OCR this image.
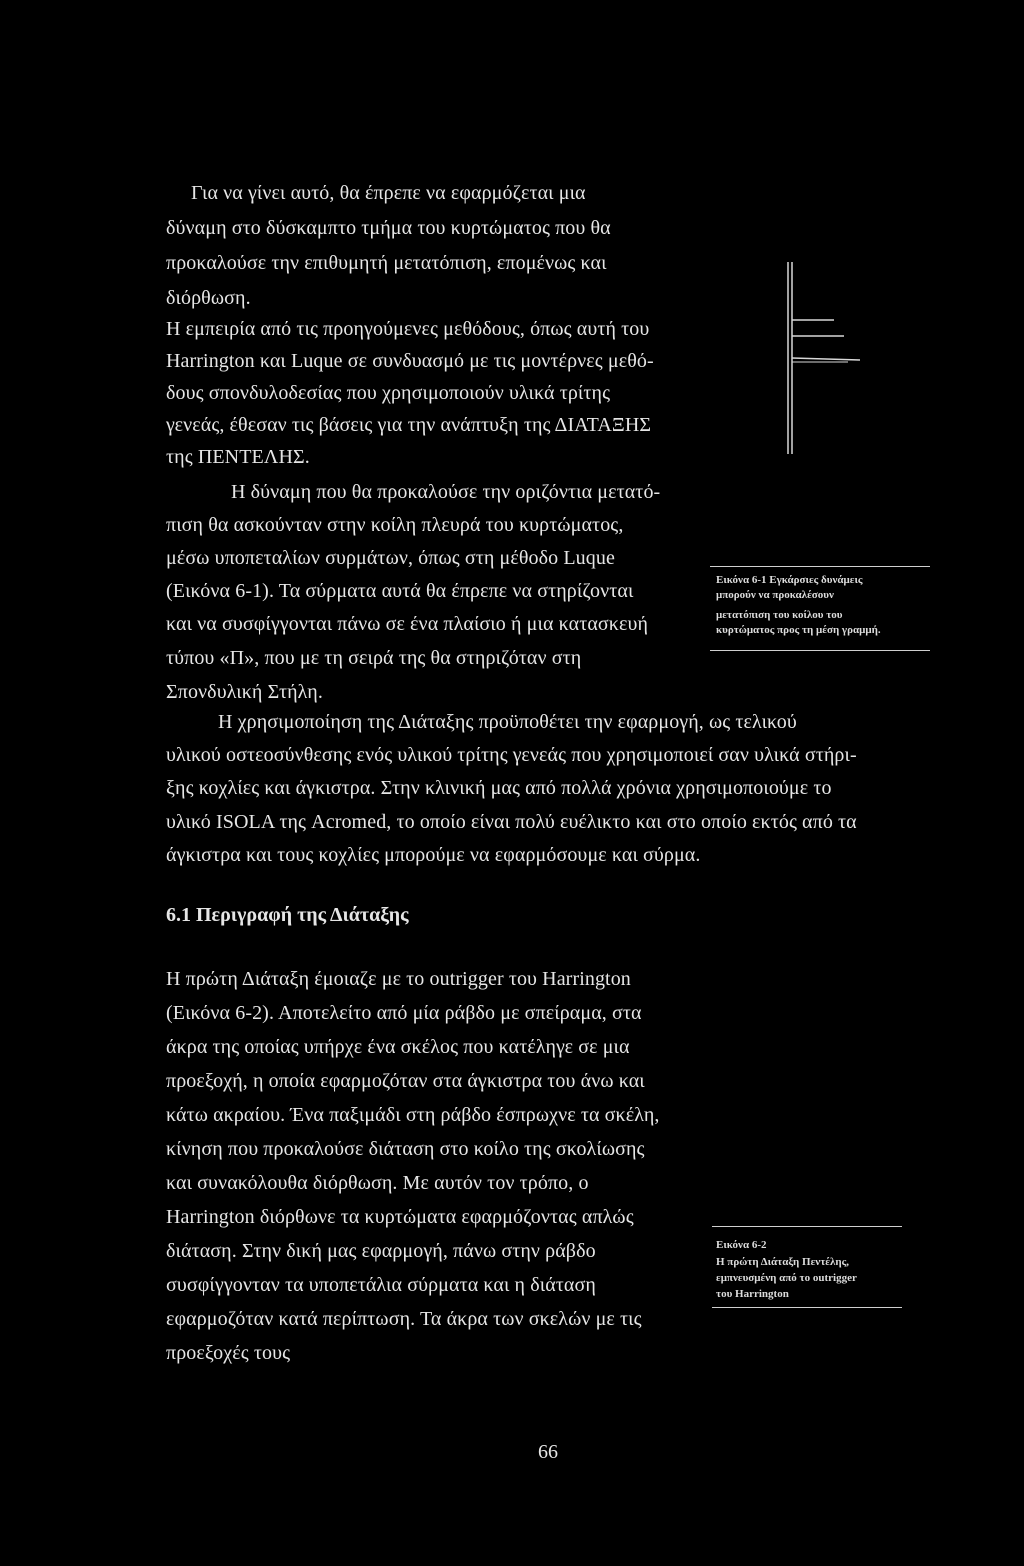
Για να γίνει αυτό, θα έπρεπε να εφαρμόζεται μια
δύναμη στο δύσκαμπτο τμήμα του κυρτώματος που θα
προκαλούσε την επιθυμητή μετατόπιση, επομένως και
διόρθωση.
Η εμπειρία από τις προηγούμενες μεθόδους, όπως αυτή του
Harrington και Luque σε συνδυασμό με τις μοντέρνες μεθό-
δους σπονδυλοδεσίας που χρησιμοποιούν υλικά τρίτης
γενεάς, έθεσαν τις βάσεις για την ανάπτυξη της ΔΙΑΤΑΞΗΣ
της ΠΕΝΤΕΛΗΣ.
Η δύναμη που θα προκαλούσε την οριζόντια μετατό-
πιση θα ασκούνταν στην κοίλη πλευρά του κυρτώματος,
μέσω υποπεταλίων συρμάτων, όπως στη μέθοδο Luque
(Εικόνα 6-1). Τα σύρματα αυτά θα έπρεπε να στηρίζονται
και να συσφίγγονται πάνω σε ένα πλαίσιο ή μια κατασκευή
τύπου «Π», που με τη σειρά της θα στηριζόταν στη
Σπονδυλική Στήλη.
Εικόνα 6-1 Εγκάρσιες δυνάμεις
μπορούν να προκαλέσουν
μετατόπιση του κοίλου του
κυρτώματος προς τη μέση γραμμή.
Η χρησιμοποίηση της Διάταξης προϋποθέτει την εφαρμογή, ως τελικού
υλικού οστεοσύνθεσης ενός υλικού τρίτης γενεάς που χρησιμοποιεί σαν υλικά στήρι-
ξης κοχλίες και άγκιστρα. Στην κλινική μας από πολλά χρόνια χρησιμοποιούμε το
υλικό ISOLA της Acromed, το οποίο είναι πολύ ευέλικτο και στο οποίο εκτός από τα
άγκιστρα και τους κοχλίες μπορούμε να εφαρμόσουμε και σύρμα.
6.1 Περιγραφή της Διάταξης
Η πρώτη Διάταξη έμοιαζε με το outrigger του Harrington
(Εικόνα 6-2). Αποτελείτο από μία ράβδο με σπείραμα, στα
άκρα της οποίας υπήρχε ένα σκέλος που κατέληγε σε μια
προεξοχή, η οποία εφαρμοζόταν στα άγκιστρα του άνω και
κάτω ακραίου. Ένα παξιμάδι στη ράβδο έσπρωχνε τα σκέλη,
κίνηση που προκαλούσε διάταση στο κοίλο της σκολίωσης
και συνακόλουθα διόρθωση. Με αυτόν τον τρόπο, ο
Harrington διόρθωνε τα κυρτώματα εφαρμόζοντας απλώς
διάταση. Στην δική μας εφαρμογή, πάνω στην ράβδο
συσφίγγονταν τα υποπετάλια σύρματα και η διάταση
εφαρμοζόταν κατά περίπτωση. Τα άκρα των σκελών με τις
προεξοχές τους
Εικόνα 6-2
Η πρώτη Διάταξη Πεντέλης,
εμπνευσμένη από το outrigger
του Harrington
66
